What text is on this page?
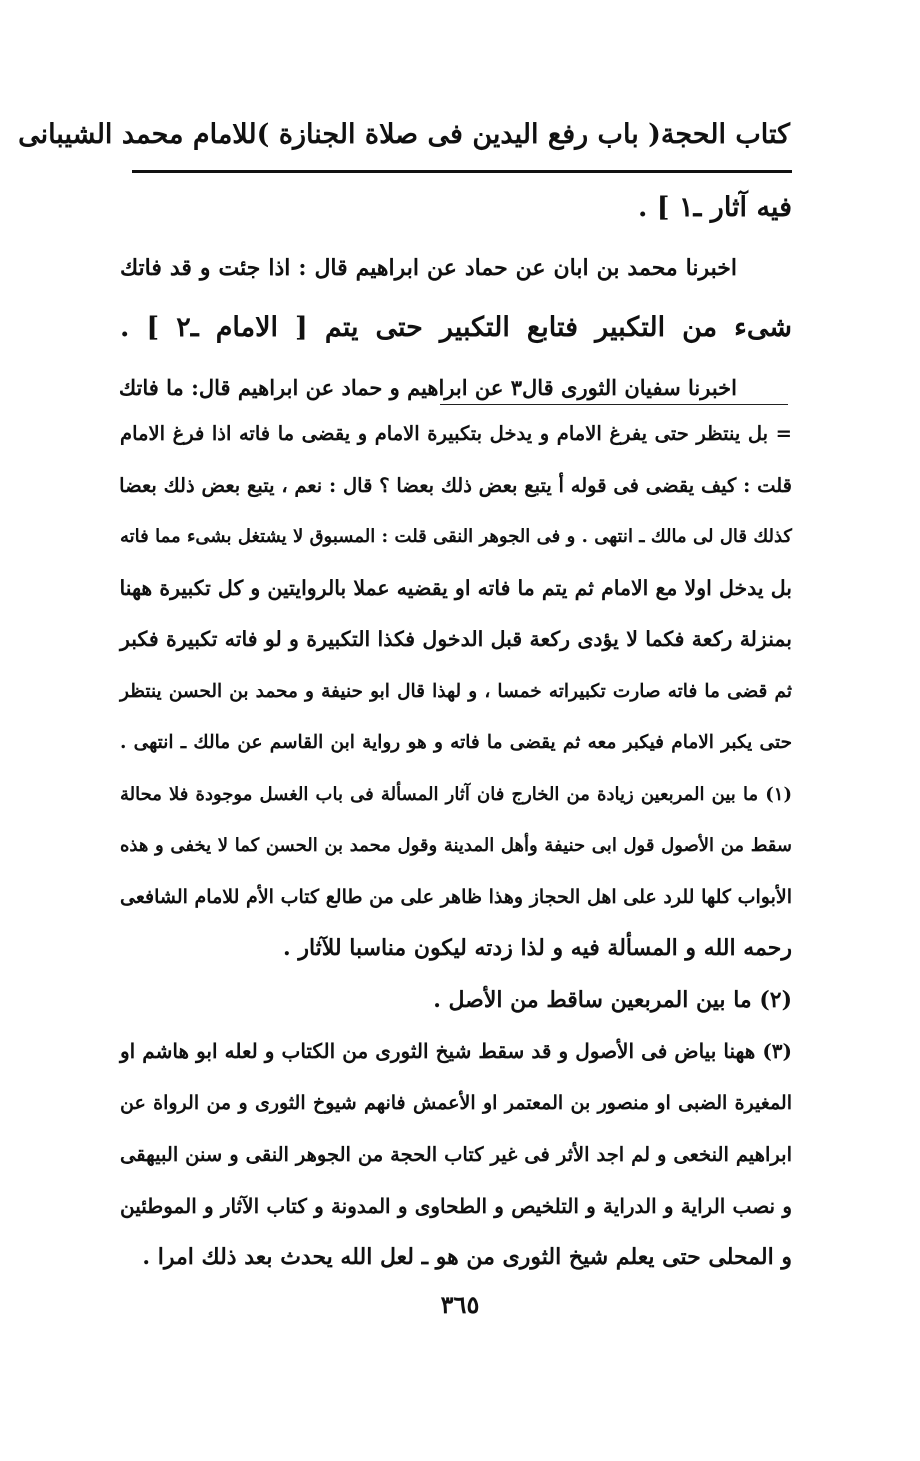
كتاب الحجة
( باب رفع اليدين فى صلاة الجنازة )
للامام محمد الشيبانى
فيه آثار ـ١ ] .
اخبرنا محمد بن ابان عن حماد عن ابراهيم قال : اذا جئت و قد فاتك
شىء من التكبير فتابع التكبير حتى يتم [ الامام ـ٢ ] .
اخبرنا سفيان الثورى قال٣ عن ابراهيم و حماد عن ابراهيم قال: ما فاتك
= بل ينتظر حتى يفرغ الامام و يدخل بتكبيرة الامام و يقضى ما فاته اذا فرغ الامام
قلت : كيف يقضى فى قوله أ يتبع بعض ذلك بعضا ؟ قال : نعم ، يتبع بعض ذلك بعضا
كذلك قال لى مالك ـ انتهى . و فى الجوهر النقى قلت : المسبوق لا يشتغل بشىء مما فاته
بل يدخل اولا مع الامام ثم يتم ما فاته او يقضيه عملا بالروايتين و كل تكبيرة ههنا
بمنزلة ركعة فكما لا يؤدى ركعة قبل الدخول فكذا التكبيرة و لو فاته تكبيرة فكبر
ثم قضى ما فاته صارت تكبيراته خمسا ، و لهذا قال ابو حنيفة و محمد بن الحسن ينتظر
حتى يكبر الامام فيكبر معه ثم يقضى ما فاته و هو رواية ابن القاسم عن مالك ـ انتهى .
(١) ما بين المربعين زيادة من الخارج فان آثار المسألة فى باب الغسل موجودة فلا محالة
سقط من الأصول قول ابى حنيفة وأهل المدينة وقول محمد بن الحسن كما لا يخفى و هذه
الأبواب كلها للرد على اهل الحجاز وهذا ظاهر على من طالع كتاب الأم للامام الشافعى
رحمه الله و المسألة فيه و لذا زدته ليكون مناسبا للآثار .
(٢) ما بين المربعين ساقط من الأصل .
(٣) ههنا بياض فى الأصول و قد سقط شيخ الثورى من الكتاب و لعله ابو هاشم او
المغيرة الضبى او منصور بن المعتمر او الأعمش فانهم شيوخ الثورى و من الرواة عن
ابراهيم النخعى و لم اجد الأثر فى غير كتاب الحجة من الجوهر النقى و سنن البيهقى
و نصب الراية و الدراية و التلخيص و الطحاوى و المدونة و كتاب الآثار و الموطئين
و المحلى حتى يعلم شيخ الثورى من هو ـ لعل الله يحدث بعد ذلك امرا .
٣٦٥
